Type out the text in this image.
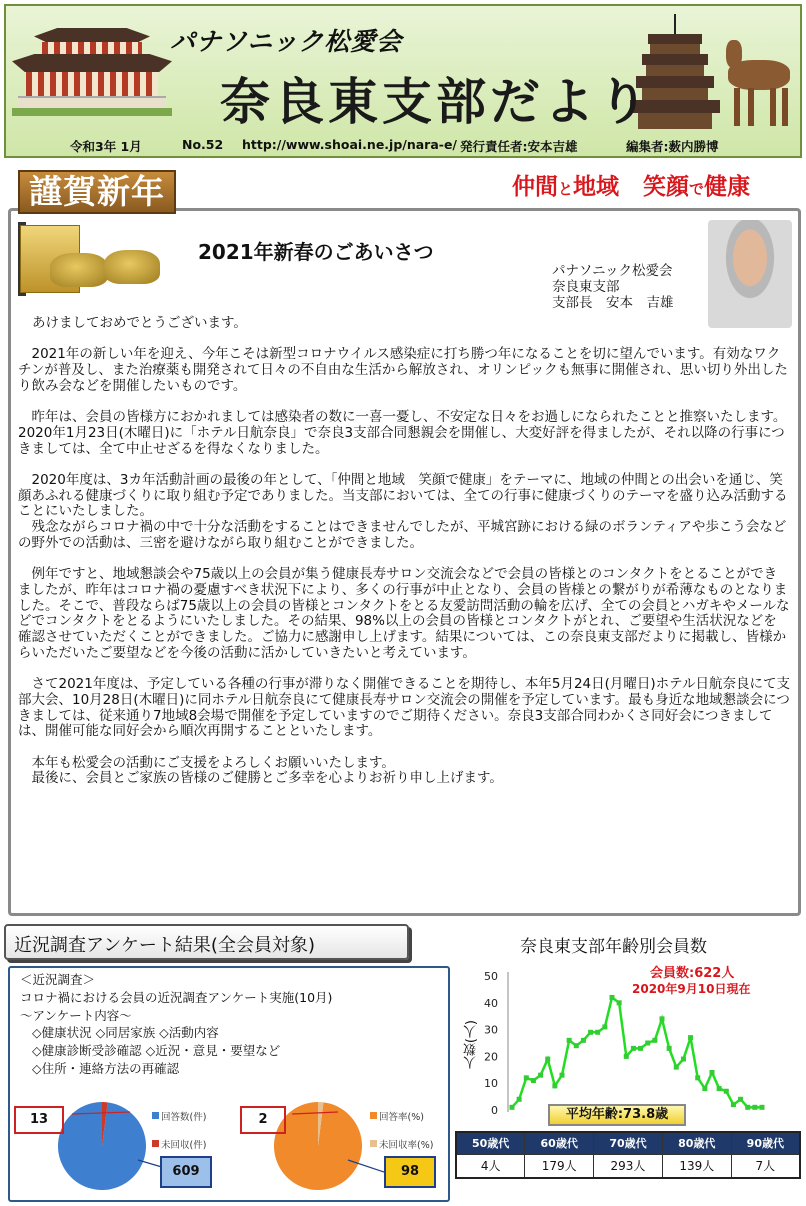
パナソニック松愛会
奈良東支部だより
令和3年 1月	No.52 http://www.shoai.ne.jp/nara-e/ 発行責任者:安本吉雄	編集者:薮内勝博
謹賀新年	仲間と地域 笑顔で健康
2021年新春のごあいさつ
パナソニック松愛会
奈良東支部
支部長　安本　吉雄

あけましておめでとうございます。

　2021年の新しい年を迎え、今年こそは新型コロナウイルス感染症に打ち勝つ年になることを切に望んでいます。有効なワクチンが普及し、また治療薬も開発されて日々の不自由な生活から解放され、オリンピックも無事に開催され、思い切り外出したり飲み会などを開催したいものです。

　昨年は、会員の皆様方におかれましては感染者の数に一喜一憂し、不安定な日々をお過しになられたことと推察いたします。2020年1月23日(木曜日)に「ホテル日航奈良」で奈良3支部合同懇親会を開催し、大変好評を得ましたが、それ以降の行事につきましては、全て中止せざるを得なくなりました。

　2020年度は、3カ年活動計画の最後の年として、「仲間と地域　笑顔で健康」をテーマに、地域の仲間との出会いを通じ、笑顔あふれる健康づくりに取り組む予定でありました。当支部においては、全ての行事に健康づくりのテーマを盛り込み活動することにいたしました。

　残念ながらコロナ禍の中で十分な活動をすることはできませんでしたが、平城宮跡における緑のボランティアや歩こう会などの野外での活動は、三密を避けながら取り組むことができました。

　例年ですと、地域懇談会や75歳以上の会員が集う健康長寿サロン交流会などで会員の皆様とのコンタクトをとることができましたが、昨年はコロナ禍の憂慮すべき状況下により、多くの行事が中止となり、会員の皆様との繋がりが希薄なものとなりました。そこで、普段ならば75歳以上の会員の皆様とコンタクトをとる友愛訪問活動の輪を広げ、全ての会員とハガキやメールなどでコンタクトをとるようにいたしました。その結果、98%以上の会員の皆様とコンタクトがとれ、ご要望や生活状況などを確認させていただくことができました。ご協力に感謝申し上げます。結果については、この奈良東支部だよりに掲載し、皆様からいただいたご要望などを今後の活動に活かしていきたいと考えています。

　さて2021年度は、予定している各種の行事が滞りなく開催できることを期待し、本年5月24日(月曜日)ホテル日航奈良にて支部大会、10月28日(木曜日)に同ホテル日航奈良にて健康長寿サロン交流会の開催を予定しています。最も身近な地域懇談会につきましては、従来通り7地域8会場で開催を予定していますのでご期待ください。奈良3支部合同わかくさ同好会につきましては、開催可能な同好会から順次再開することといたします。

　本年も松愛会の活動にご支援をよろしくお願いいたします。

　最後に、会員とご家族の皆様のご健勝とご多幸を心よりお祈り申し上げます。

近況調査アンケート結果(全会員対象)
＜近況調査＞
コロナ禍における会員の近況調査アンケート実施(10月)
～アンケート内容～
◇健康状況 ◇同居家族 ◇活動内容
◇健康診断受診確認 ◇近況・意見・要望など
◇住所・連絡方法の再確認
13
609
回答数(件)
未回収(件)
2
98
回答率(%)
未回収率(%)
奈良東支部年齢別会員数
会員数:622人
2020年9月10日現在
人数(人)
0
10
20
30
40
50
平均年齢:73.8歳
50歳代	60歳代	70歳代	80歳代	90歳代
4人	179人	293人	139人	7人
